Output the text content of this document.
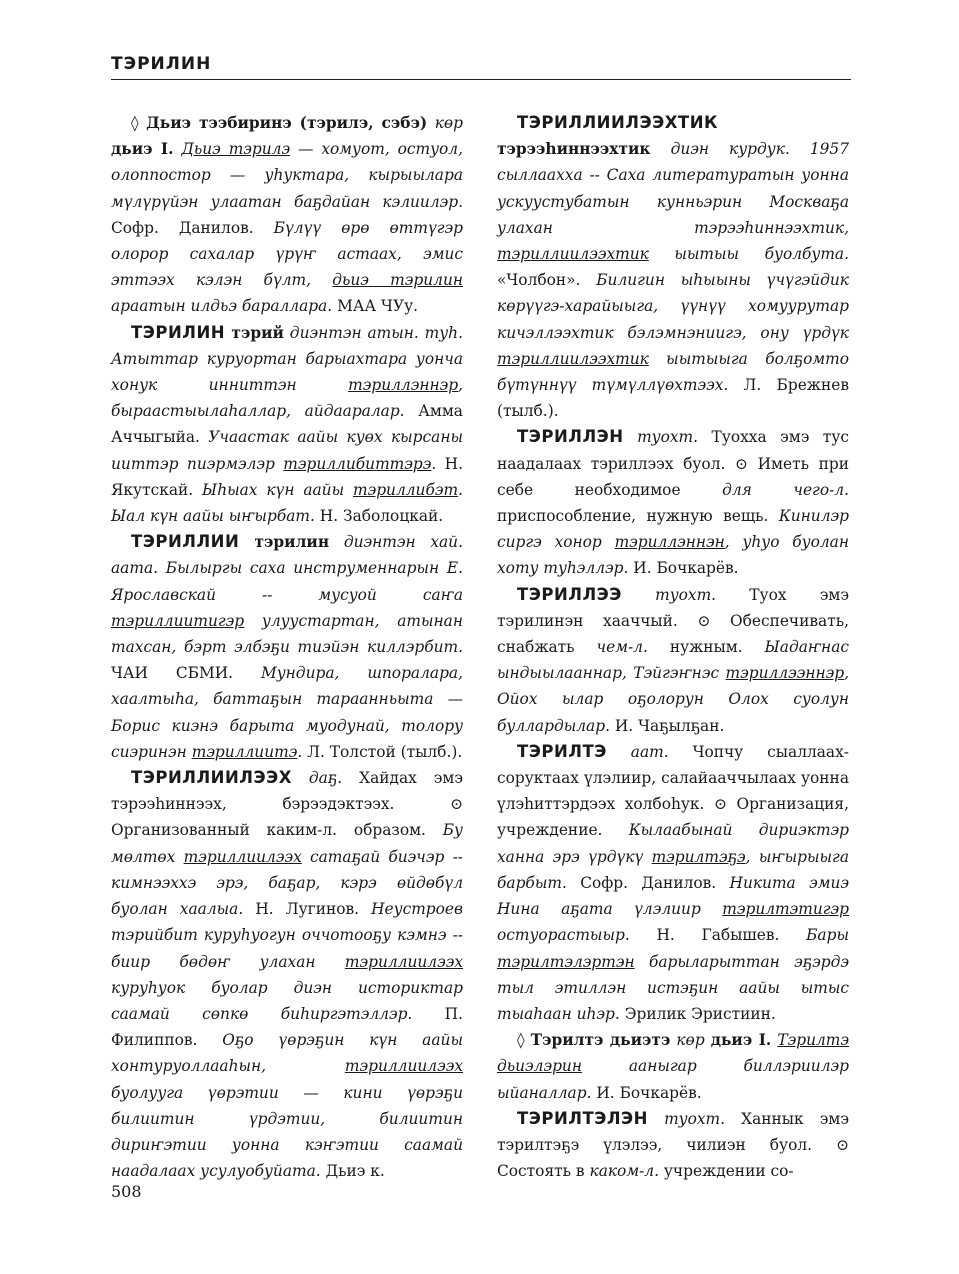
ТЭРИЛИН

◊ Дьиэ тээбиринэ (тэрилэ, сэбэ) көр дьиэ I. Дьиэ тэрилэ — хомуот, остуол, олоппостор — уһуктара, кырыылара мүлүрүйэн улаатан баҕдайан кэлиилэр. Софр. Данилов. Бүлүү өрө өттүгэр олорор сахалар үрүҥ астаах, эмис эттээх кэлэн бүлт, дьиэ тэрилин араатын илдьэ бараллара. МАА ЧУу.

ТЭРИЛИН тэрий диэнтэн атын. туһ. Атыттар куруортан барыахтара уонча хонук инниттэн тэриллэннэр, быраастыылаһаллар, айдааралар. Амма Аччыгыйа. Учаастак аайы куөх кырсаны ииттэр пиэрмэлэр тэриллибиттэрэ. Н. Якутскай. Ыһыах күн аайы тэриллибэт. Ыал күн аайы ыҥырбат. Н. Заболоцкай.

ТЭРИЛЛИИ тэрилин диэнтэн хай. аата. Былыргы саха инструменнарын Е. Ярославскай -- мусуой саҥа тэриллиитигэр улуустартан, атынан тахсан, бэрт элбэҕи тиэйэн киллэрбит. ЧАИ СБМИ. Мундира, шпоралара, хаалтыһа, баттаҕын тараанньыта — Борис киэнэ барыта муодунай, толору сиэринэн тэриллиитэ. Л. Толстой (тылб.).

ТЭРИЛЛИИЛЭЭХ даҕ. Хайдах эмэ тэрээһиннээх, бэрээдэктээх. ⊙ Организованный каким-л. образом. Бу мөлтөх тэриллиилээх сатаҕай биэчэр -- кимнээххэ эрэ, баҕар, кэрэ өйдөбүл буолан хаалыа. Н. Лугинов. Неустроев тэрийбит куруһуогун оччотооҕу кэмнэ -- биир бөдөҥ улахан тэриллиилээх куруһуок буолар диэн историктар саамай сөпкө биһиргэтэллэр. П. Филиппов. Оҕо үөрэҕин күн аайы хонтуруоллааһын, тэриллиилээх буолууга үөрэтии — кини үөрэҕи билиитин үрдэтии, билиитин дириҥэтии уонна кэҥэтии саамай наадалаах усулуобуйата. Дьиэ к.

ТЭРИЛЛИИЛЭЭХТИК тэрээһиннээхтик диэн курдук. 1957 сыллаахха -- Саха литературатын уонна ускуустубатын кунньэрин Москваҕа улахан тэрээһиннээхтик, тэриллиилээхтик ыытыы буолбута. «Чолбон». Билигин ыһыыны үчүгэйдик көрүүгэ-харайыыга, үүнүү хомуурутар кичэллээхтик бэлэмнэниигэ, ону үрдүк тэриллиилээхтик ыытыыга болҕомто бүтүннүү түмүллүөхтээх. Л. Брежнев (тылб.).

ТЭРИЛЛЭН туохт. Туохха эмэ тус наадалаах тэриллээх буол. ⊙ Иметь при себе необходимое для чего-л. приспособление, нужную вещь. Кинилэр сиргэ хонор тэриллэннэн, уһуо буолан хоту туһэллэр. И. Бочкарёв.

ТЭРИЛЛЭЭ туохт. Туох эмэ тэрилинэн хааччый. ⊙ Обеспечивать, снабжать чем-л. нужным. Ыадаҥнас ындыылааннар, Тэйгэҥнэс тэриллээннэр, Ойох ылар оҕолорун Олох суолун буллардылар. И. Чаҕылҕан.

ТЭРИЛТЭ аат. Чопчу сыаллаах-соруктаах үлэлиир, салайааччылаах уонна үлэһиттэрдээх холбоһук. ⊙ Организация, учреждение. Кылаабынай дириэктэр ханна эрэ үрдүкү тэрилтэҕэ, ыҥырыыга барбыт. Софр. Данилов. Никита эмиэ Нина аҕата үлэлиир тэрилтэтигэр остуорастыыр. Н. Габышев. Бары тэрилтэлэртэн барыларыттан эҕэрдэ тыл этиллэн истэҕин аайы ытыс тыаһаан иһэр. Эрилик Эристиин.

◊ Тэрилтэ дьиэтэ көр дьиэ I. Тэрилтэ дьиэлэрин ааныгар биллэриилэр ыйаналлар. И. Бочкарёв.

ТЭРИЛТЭЛЭН туохт. Ханнык эмэ тэрилтэҕэ үлэлээ, чилиэн буол. ⊙ Состоять в каком-л. учреждении со-

508
